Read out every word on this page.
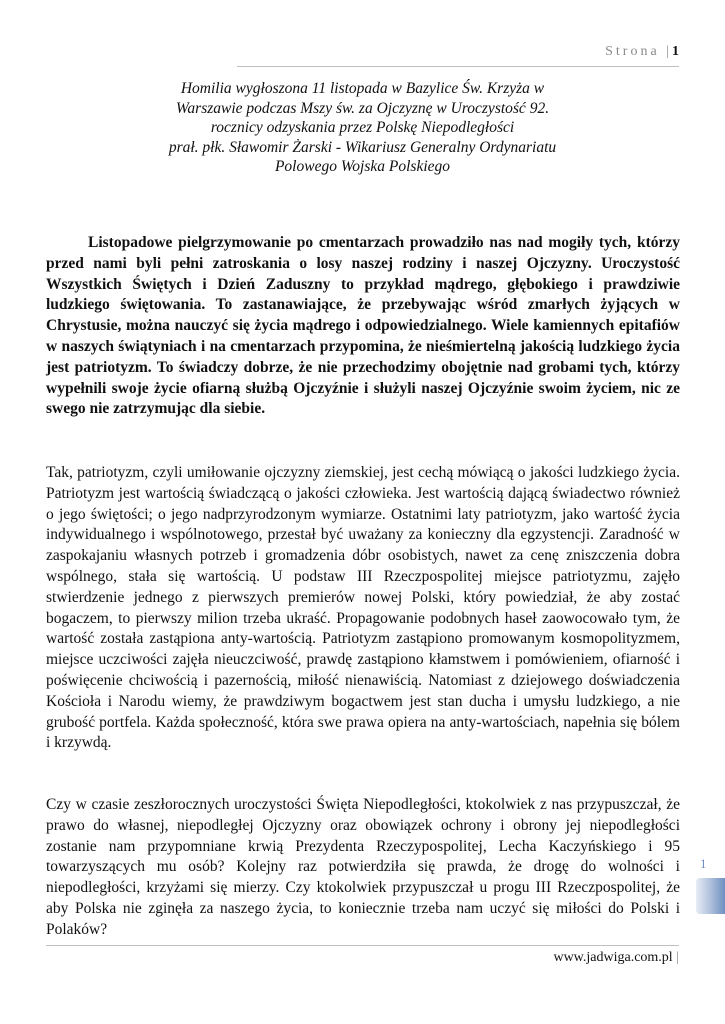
Strona |1
Homilia wygłoszona 11 listopada w Bazylice Św. Krzyża w
Warszawie podczas Mszy św. za Ojczyznę w Uroczystość 92.
rocznicy odzyskania przez Polskę Niepodległości
prał. płk. Sławomir Żarski - Wikariusz Generalny Ordynariatu
Polowego Wojska Polskiego

Listopadowe pielgrzymowanie po cmentarzach prowadziło nas nad mogiły tych, którzy przed nami byli pełni zatroskania o losy naszej rodziny i naszej Ojczyzny. Uroczystość Wszystkich Świętych i Dzień Zaduszny to przykład mądrego, głębokiego i prawdziwie ludzkiego świętowania. To zastanawiające, że przebywając wśród zmarłych żyjących w Chrystusie, można nauczyć się życia mądrego i odpowiedzialnego. Wiele kamiennych epitafiów w naszych świątyniach i na cmentarzach przypomina, że nieśmiertelną jakością ludzkiego życia jest patriotyzm. To świadczy dobrze, że nie przechodzimy obojętnie nad grobami tych, którzy wypełnili swoje życie ofiarną służbą Ojczyźnie i służyli naszej Ojczyźnie swoim życiem, nic ze swego nie zatrzymując dla siebie.

Tak, patriotyzm, czyli umiłowanie ojczyzny ziemskiej, jest cechą mówiącą o jakości ludzkiego życia. Patriotyzm jest wartością świadczącą o jakości człowieka. Jest wartością dającą świadectwo również o jego świętości; o jego nadprzyrodzonym wymiarze. Ostatnimi laty patriotyzm, jako wartość życia indywidualnego i wspólnotowego, przestał być uważany za konieczny dla egzystencji. Zaradność w zaspokajaniu własnych potrzeb i gromadzenia dóbr osobistych, nawet za cenę zniszczenia dobra wspólnego, stała się wartością. U podstaw III Rzeczpospolitej miejsce patriotyzmu, zajęło stwierdzenie jednego z pierwszych premierów nowej Polski, który powiedział, że aby zostać bogaczem, to pierwszy milion trzeba ukraść. Propagowanie podobnych haseł zaowocowało tym, że wartość została zastąpiona anty-wartością. Patriotyzm zastąpiono promowanym kosmopolityzmem, miejsce uczciwości zajęła nieuczciwość, prawdę zastąpiono kłamstwem i pomówieniem, ofiarność i poświęcenie chciwością i pazernością, miłość nienawiścią. Natomiast z dziejowego doświadczenia Kościoła i Narodu wiemy, że prawdziwym bogactwem jest stan ducha i umysłu ludzkiego, a nie grubość portfela. Każda społeczność, która swe prawa opiera na anty-wartościach, napełnia się bólem i krzywdą.

Czy w czasie zeszłorocznych uroczystości Święta Niepodległości, ktokolwiek z nas przypuszczał, że prawo do własnej, niepodległej Ojczyzny oraz obowiązek ochrony i obrony jej niepodległości zostanie nam przypomniane krwią Prezydenta Rzeczypospolitej, Lecha Kaczyńskiego i 95 towarzyszących mu osób? Kolejny raz potwierdziła się prawda, że drogę do wolności i niepodległości, krzyżami się mierzy. Czy ktokolwiek przypuszczał u progu III Rzeczpospolitej, że aby Polska nie zginęła za naszego życia, to koniecznie trzeba nam uczyć się miłości do Polski i Polaków?

1
www.jadwiga.com.pl |
